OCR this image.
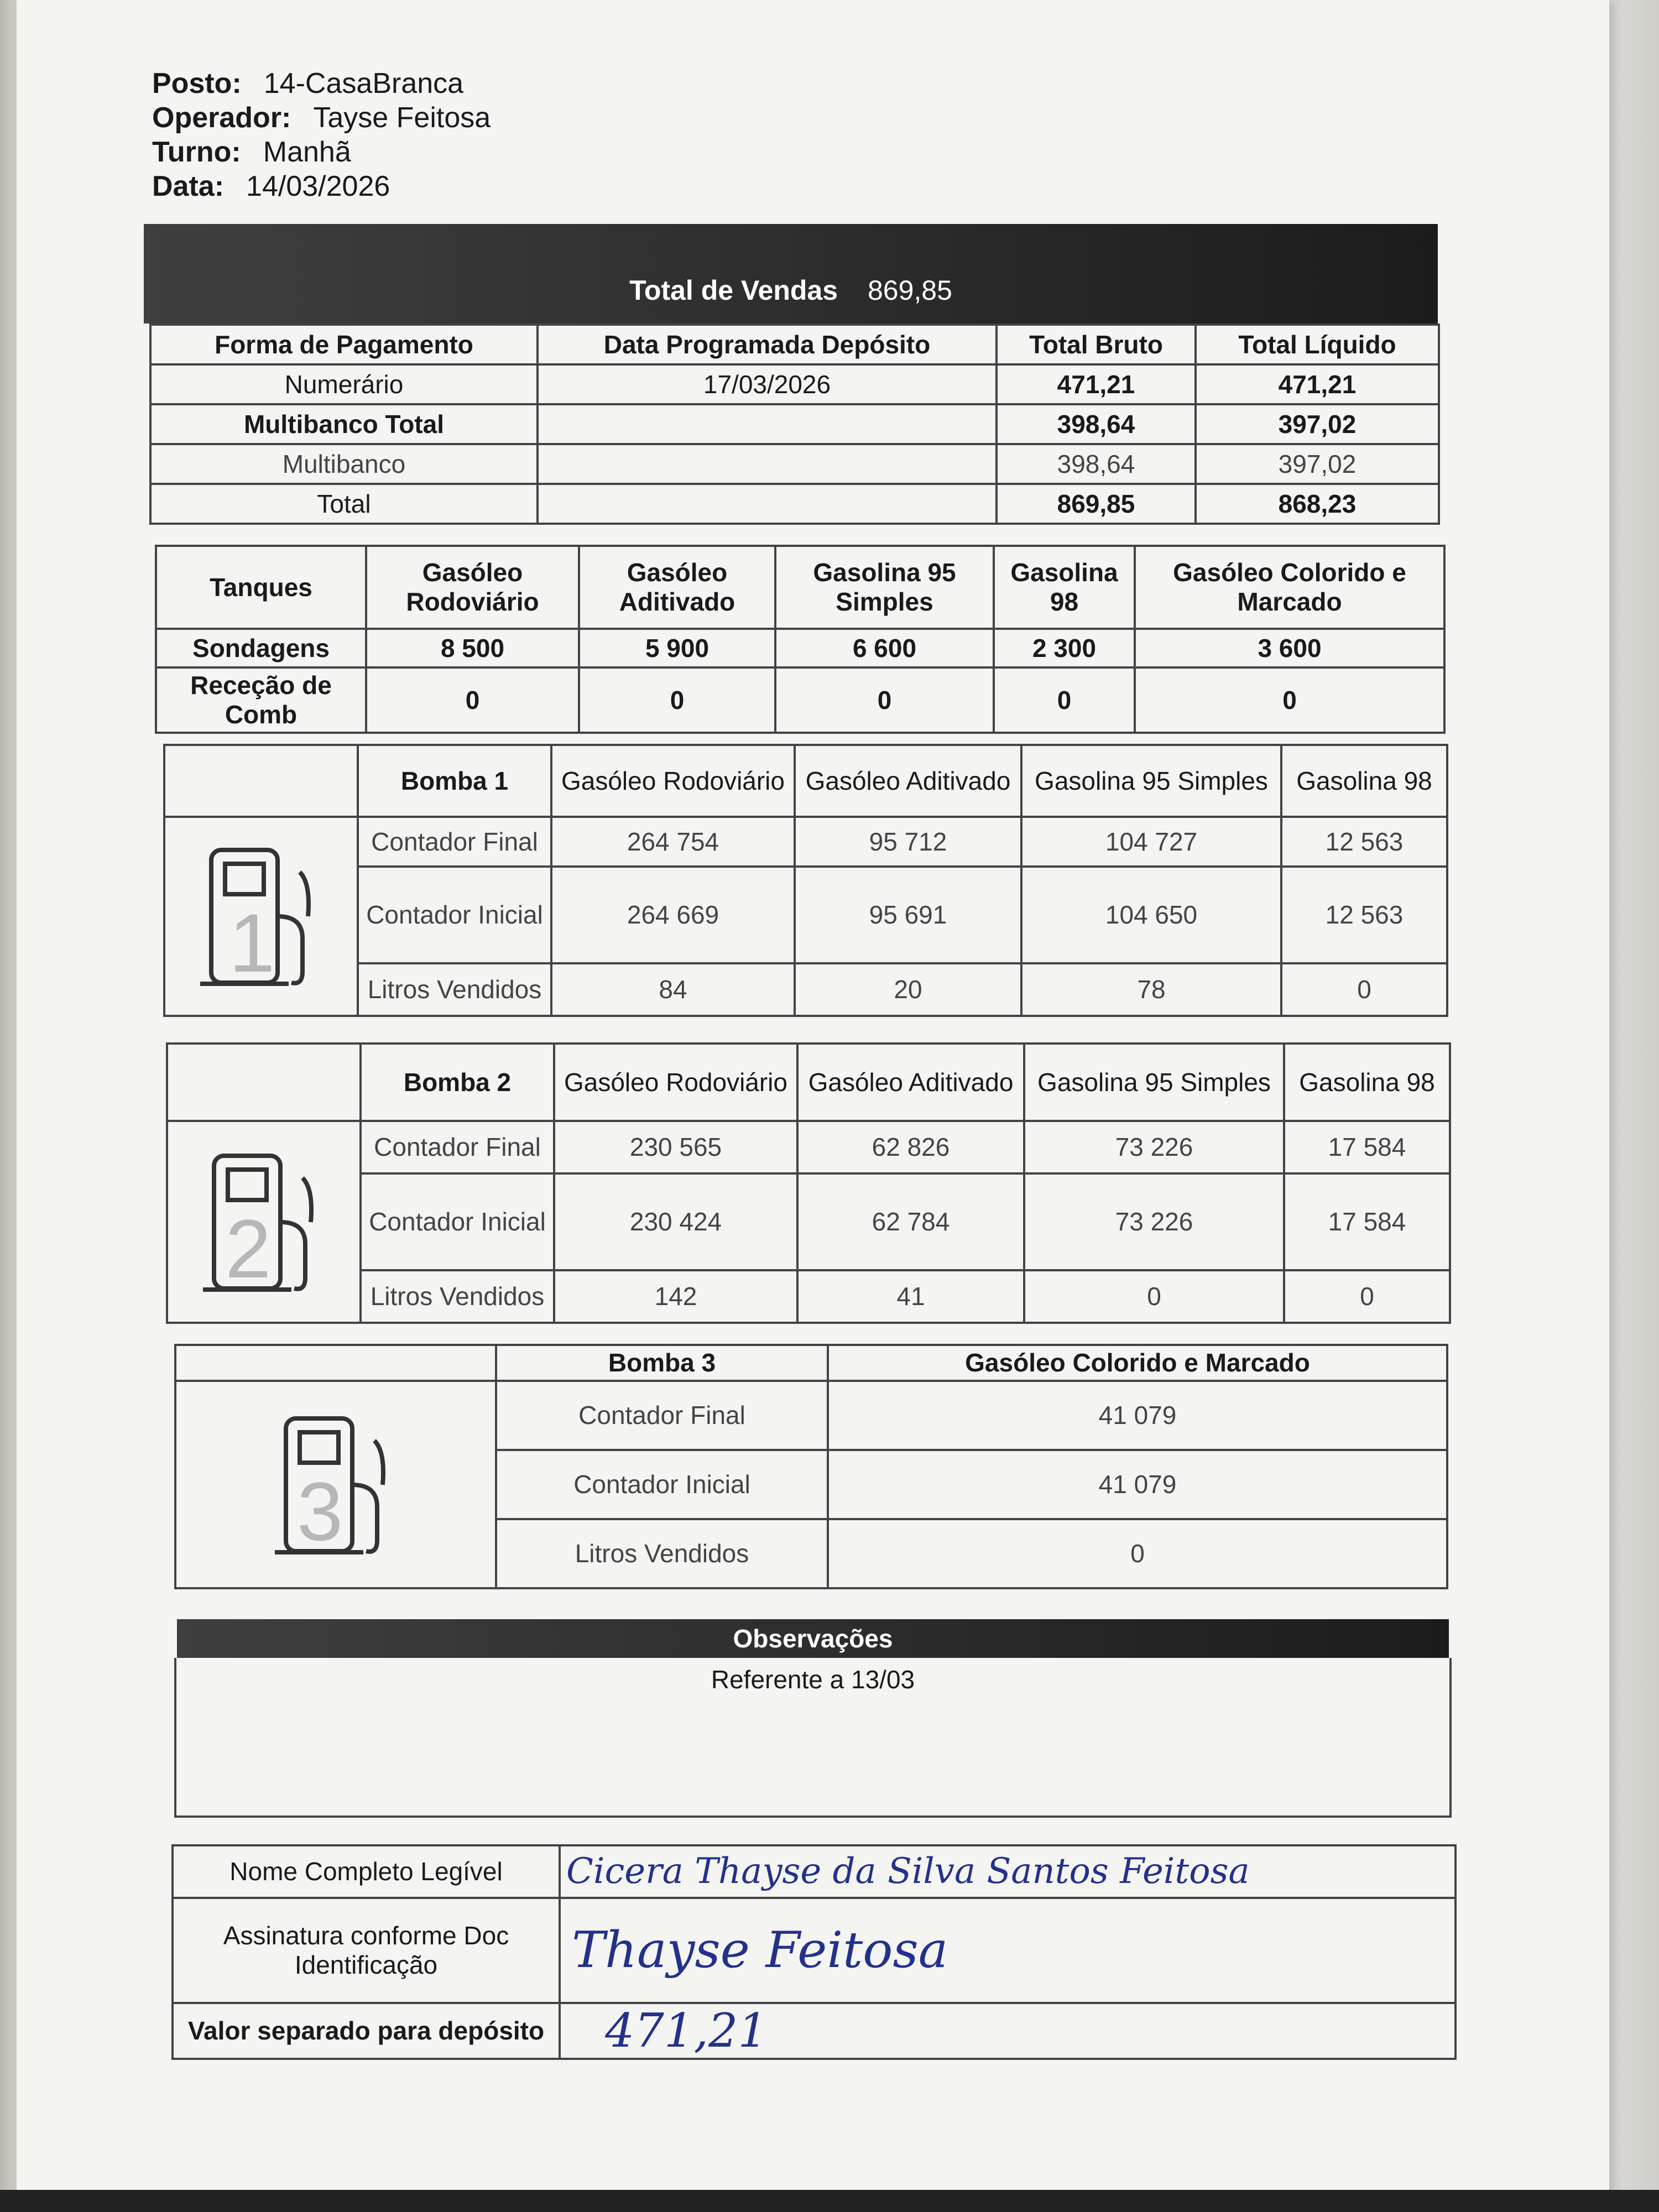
Posto: 14-CasaBranca
Operador: Tayse Feitosa
Turno: Manhã
Data: 14/03/2026
Total de Vendas 869,85
Forma de Pagamento	Data Programada Depósito	Total Bruto	Total Líquido
Numerário	17/03/2026	471,21	471,21
Multibanco Total		398,64	397,02
Multibanco		398,64	397,02
Total		869,85	868,23
Tanques	Gasóleo Rodoviário	Gasóleo Aditivado	Gasolina 95 Simples	Gasolina 98	Gasóleo Colorido e Marcado
Sondagens	8 500	5 900	6 600	2 300	3 600
Receção de Comb	0	0	0	0	0
	Bomba 1	Gasóleo Rodoviário	Gasóleo Aditivado	Gasolina 95 Simples	Gasolina 98

1	Contador Final	264 754	95 712	104 727	12 563
	Contador Inicial	264 669	95 691	104 650	12 563
	Litros Vendidos	84	20	78	0
	Bomba 2	Gasóleo Rodoviário	Gasóleo Aditivado	Gasolina 95 Simples	Gasolina 98

2	Contador Final	230 565	62 826	73 226	17 584
	Contador Inicial	230 424	62 784	73 226	17 584
	Litros Vendidos	142	41	0	0
	Bomba 3	Gasóleo Colorido e Marcado

3	Contador Final	41 079
	Contador Inicial	41 079
	Litros Vendidos	0
Observações
Referente a 13/03
Nome Completo Legível	Cicera Thayse da Silva Santos Feitosa
Assinatura conforme Doc Identificação	Thayse Feitosa
Valor separado para depósito	471,21
